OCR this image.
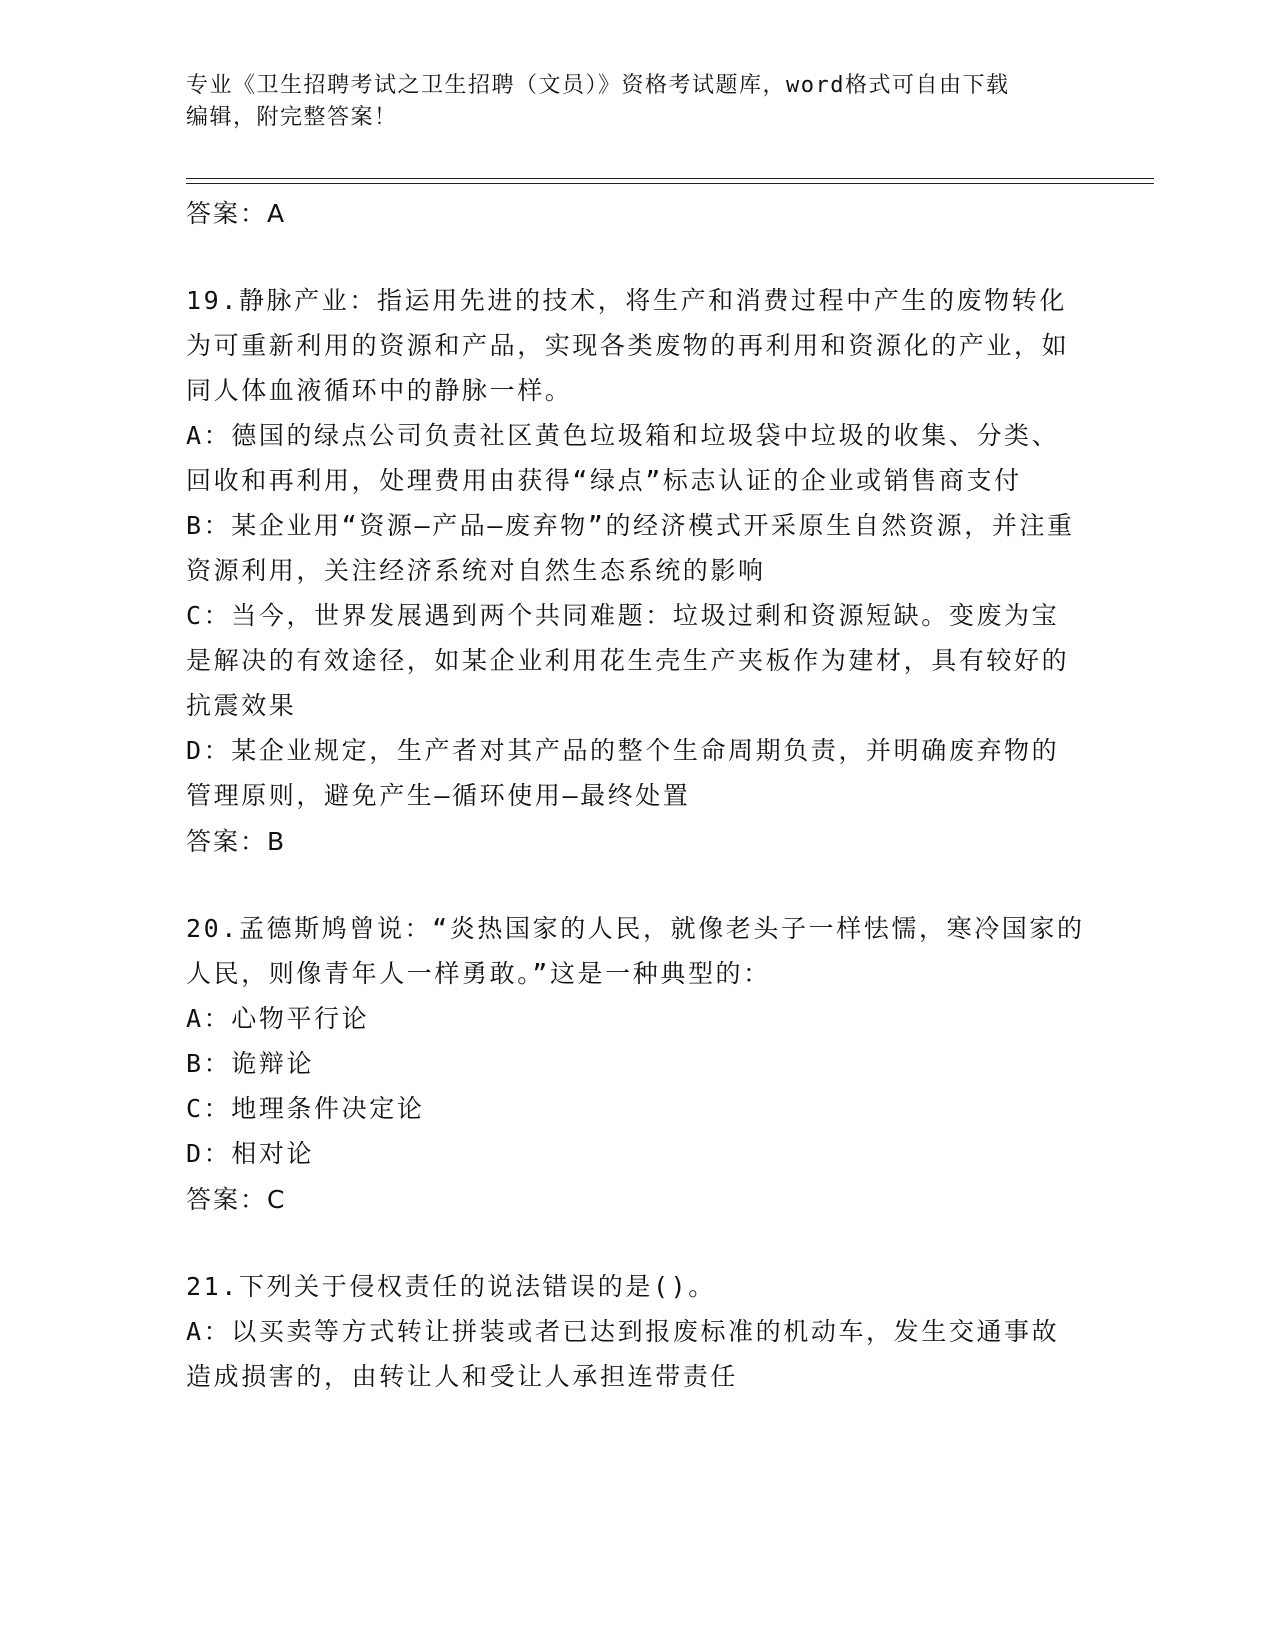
专业《卫生招聘考试之卫生招聘（文员）》资格考试题库，word格式可自由下载
编辑，附完整答案！
答案：A
19.静脉产业：指运用先进的技术，将生产和消费过程中产生的废物转化为可重新利用的资源和产品，实现各类废物的再利用和资源化的产业，如同人体血液循环中的静脉一样。
A：德国的绿点公司负责社区黄色垃圾箱和垃圾袋中垃圾的收集、分类、回收和再利用，处理费用由获得“绿点”标志认证的企业或销售商支付
B：某企业用“资源—产品—废弃物”的经济模式开采原生自然资源，并注重资源利用，关注经济系统对自然生态系统的影响
C：当今，世界发展遇到两个共同难题：垃圾过剩和资源短缺。变废为宝是解决的有效途径，如某企业利用花生壳生产夹板作为建材，具有较好的抗震效果
D：某企业规定，生产者对其产品的整个生命周期负责，并明确废弃物的管理原则，避免产生—循环使用—最终处置
答案：B
20.孟德斯鸠曾说：“炎热国家的人民，就像老头子一样怯懦，寒冷国家的人民，则像青年人一样勇敢。”这是一种典型的：
A：心物平行论
B：诡辩论
C：地理条件决定论
D：相对论
答案：C
21.下列关于侵权责任的说法错误的是()。
A：以买卖等方式转让拼装或者已达到报废标准的机动车，发生交通事故造成损害的，由转让人和受让人承担连带责任
